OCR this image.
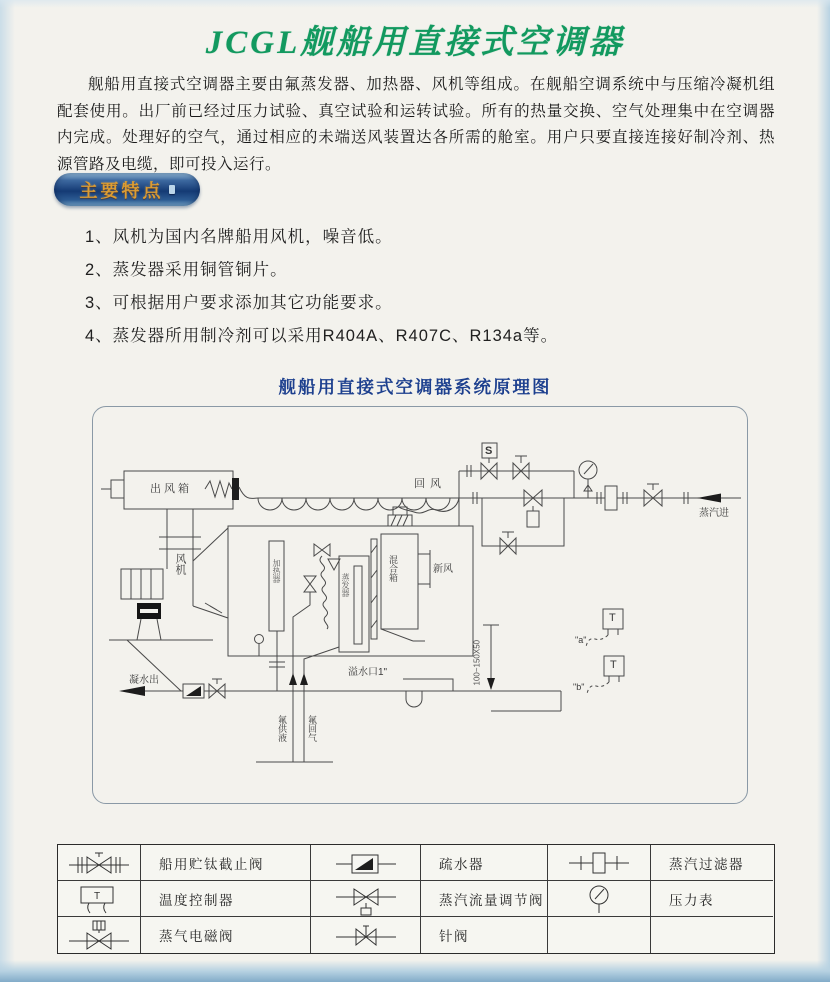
JCGL舰船用直接式空调器
舰船用直接式空调器主要由氟蒸发器、加热器、风机等组成。在舰船空调系统中与压缩冷凝机组配套使用。出厂前已经过压力试验、真空试验和运转试验。所有的热量交换、空气处理集中在空调器内完成。处理好的空气，通过相应的未端送风装置达各所需的舱室。用户只要直接连接好制冷剂、热源管路及电缆，即可投入运行。
主要特点
1、风机为国内名牌船用风机，噪音低。
2、蒸发器采用铜管铜片。
3、可根据用户要求添加其它功能要求。
4、蒸发器所用制冷剂可以采用R404A、R407C、R134a等。
舰船用直接式空调器系统原理图
出风箱
风机	加热器
蒸发器
混合箱
回风
新风
蒸汽进
凝水出
氟供液 氟回气
溢水口1"	100~150X50
S
T
T
"a"
"b"
船用贮钛截止阀	疏水器	蒸汽过滤器
T	温度控制器	蒸汽流量调节阀	压力表
蒸气电磁阀	针阀
